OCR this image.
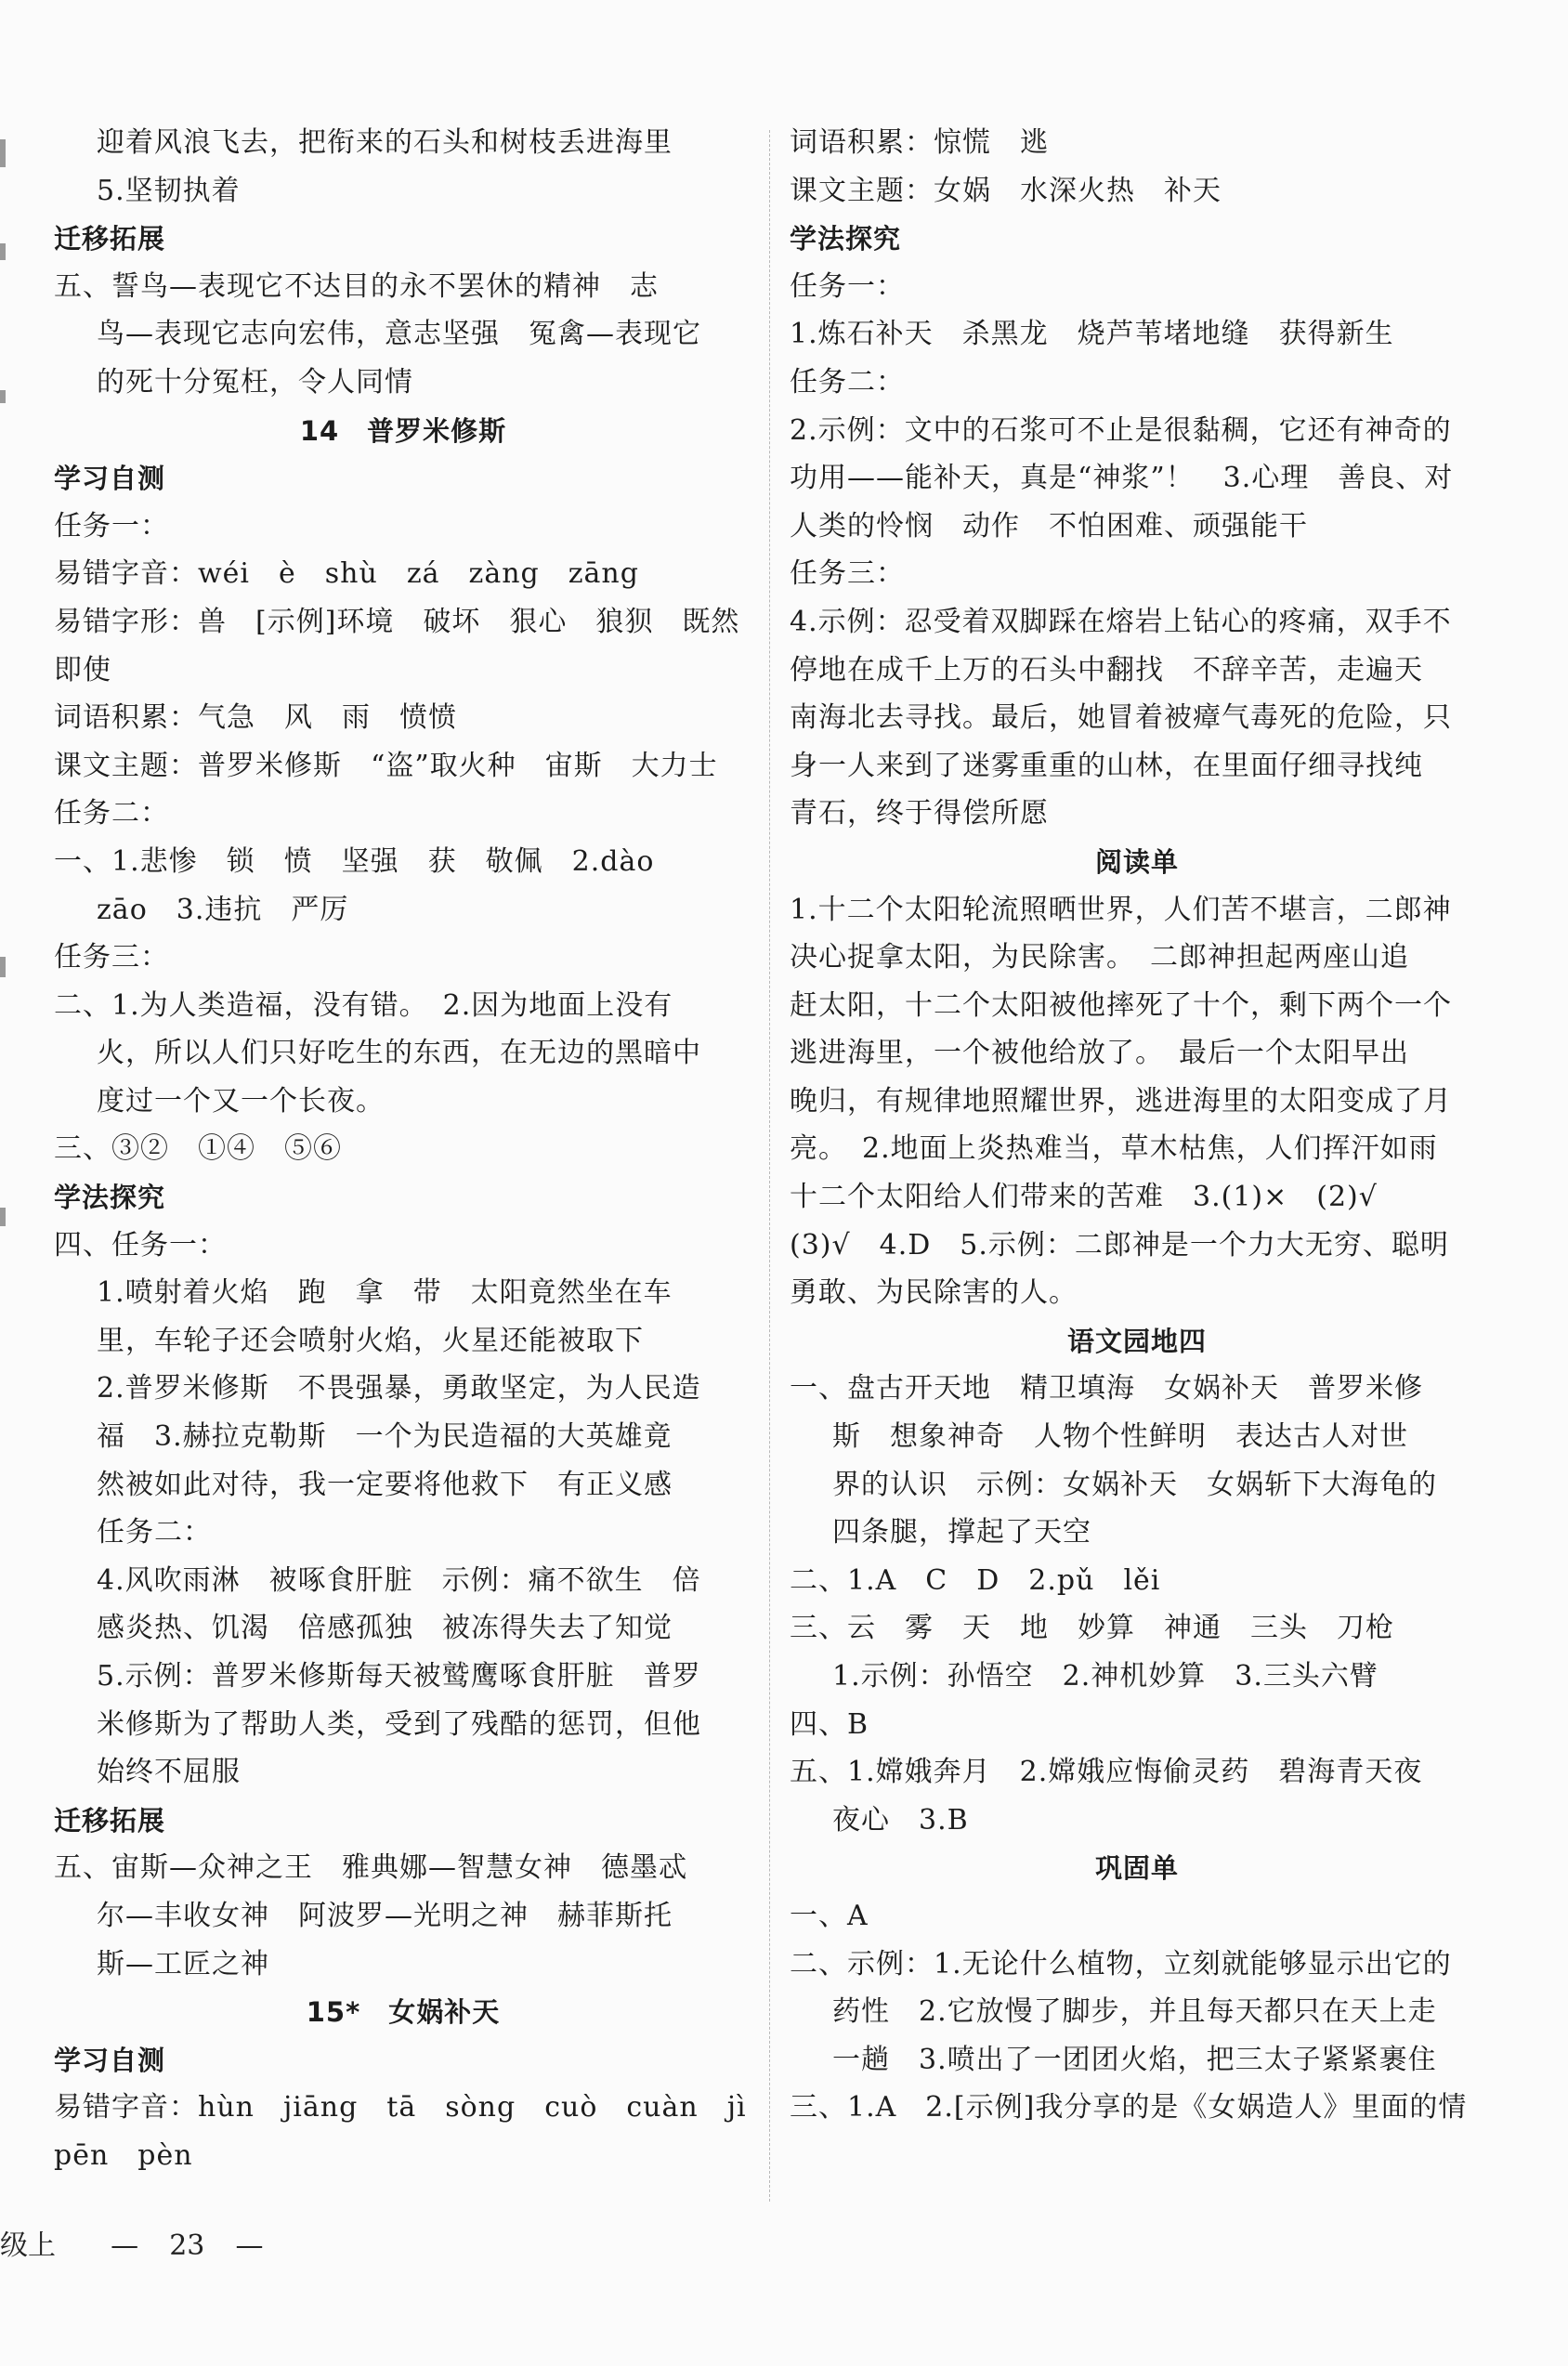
迎着风浪飞去，把衔来的石头和树枝丢进海里
5.坚韧执着
迁移拓展
五、誓鸟—表现它不达目的永不罢休的精神　志
鸟—表现它志向宏伟，意志坚强　冤禽—表现它
的死十分冤枉，令人同情
14　普罗米修斯
学习自测
任务一：
易错字音：wéi　è　shù　zá　zàng　zāng
易错字形：兽　[示例]环境　破坏　狠心　狼狈　既然
即使
词语积累：气急　风　雨　愤愤
课文主题：普罗米修斯　“盗”取火种　宙斯　大力士
任务二：
一、1.悲惨　锁　愤　坚强　获　敬佩　2.dào
zāo　3.违抗　严厉
任务三：
二、1.为人类造福，没有错。　2.因为地面上没有
火，所以人们只好吃生的东西，在无边的黑暗中
度过一个又一个长夜。
三、③②　①④　⑤⑥
学法探究
四、任务一：
1.喷射着火焰　跑　拿　带　太阳竟然坐在车
里，车轮子还会喷射火焰，火星还能被取下
2.普罗米修斯　不畏强暴，勇敢坚定，为人民造
福　3.赫拉克勒斯　一个为民造福的大英雄竟
然被如此对待，我一定要将他救下　有正义感
任务二：
4.风吹雨淋　被啄食肝脏　示例：痛不欲生　倍
感炎热、饥渴　倍感孤独　被冻得失去了知觉
5.示例：普罗米修斯每天被鹫鹰啄食肝脏　普罗
米修斯为了帮助人类，受到了残酷的惩罚，但他
始终不屈服
迁移拓展
五、宙斯—众神之王　雅典娜—智慧女神　德墨忒
尔—丰收女神　阿波罗—光明之神　赫菲斯托
斯—工匠之神
15*　女娲补天
学习自测
易错字音：hùn　jiāng　tā　sòng　cuò　cuàn　jì
pēn　pèn
词语积累：惊慌　逃
课文主题：女娲　水深火热　补天
学法探究
任务一：
1.炼石补天　杀黑龙　烧芦苇堵地缝　获得新生
任务二：
2.示例：文中的石浆可不止是很黏稠，它还有神奇的
功用——能补天，真是“神浆”！　3.心理　善良、对
人类的怜悯　动作　不怕困难、顽强能干
任务三：
4.示例：忍受着双脚踩在熔岩上钻心的疼痛，双手不
停地在成千上万的石头中翻找　不辞辛苦，走遍天
南海北去寻找。最后，她冒着被瘴气毒死的危险，只
身一人来到了迷雾重重的山林，在里面仔细寻找纯
青石，终于得偿所愿
阅读单
1.十二个太阳轮流照晒世界，人们苦不堪言，二郎神
决心捉拿太阳，为民除害。　二郎神担起两座山追
赶太阳，十二个太阳被他摔死了十个，剩下两个一个
逃进海里，一个被他给放了。　最后一个太阳早出
晚归，有规律地照耀世界，逃进海里的太阳变成了月
亮。　2.地面上炎热难当，草木枯焦，人们挥汗如雨
十二个太阳给人们带来的苦难　3.(1)×　(2)√
(3)√　4.D　5.示例：二郎神是一个力大无穷、聪明
勇敢、为民除害的人。
语文园地四
一、盘古开天地　精卫填海　女娲补天　普罗米修
斯　想象神奇　人物个性鲜明　表达古人对世
界的认识　示例：女娲补天　女娲斩下大海龟的
四条腿，撑起了天空
二、1.A　C　D　2.pǔ　lěi
三、云　雾　天　地　妙算　神通　三头　刀枪
1.示例：孙悟空　2.神机妙算　3.三头六臂
四、B
五、1.嫦娥奔月　2.嫦娥应悔偷灵药　碧海青天夜
夜心　3.B
巩固单
一、A
二、示例：1.无论什么植物，立刻就能够显示出它的
药性　2.它放慢了脚步，并且每天都只在天上走
一趟　3.喷出了一团团火焰，把三太子紧紧裹住
三、1.A　2.[示例]我分享的是《女娲造人》里面的情
级上 — 23 —
